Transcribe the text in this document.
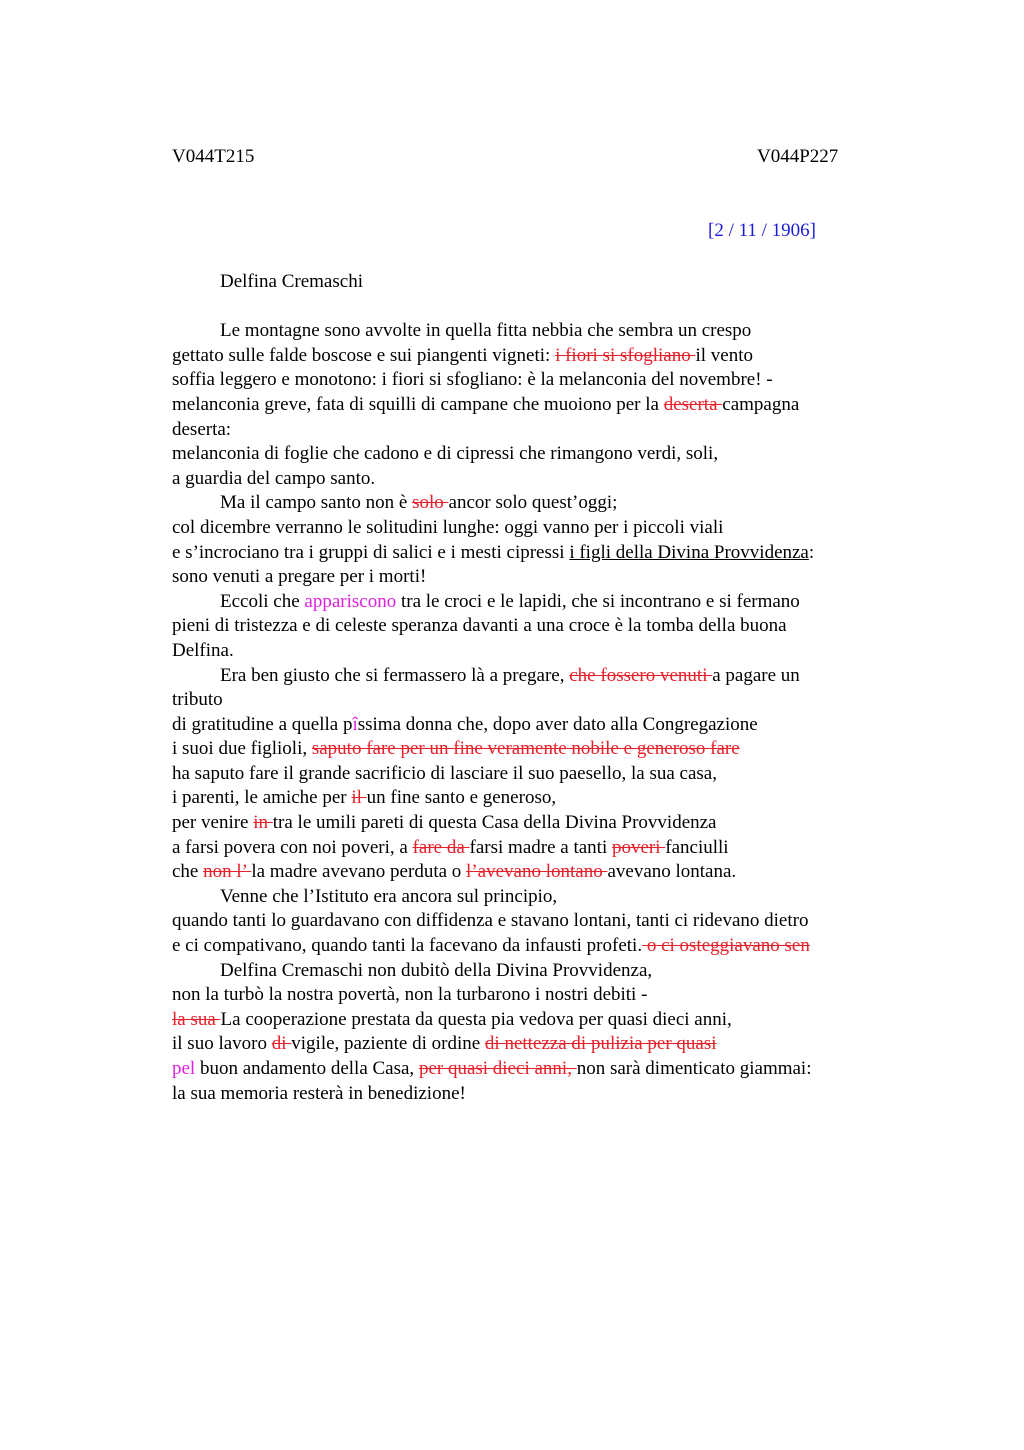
V044T215	V044P227
[2 / 11 / 1906]
Delfina Cremaschi
Le montagne sono avvolte in quella fitta nebbia che sembra un crespo
gettato sulle falde boscose e sui piangenti vigneti: i fiori si sfogliano il vento
soffia leggero e monotono: i fiori si sfogliano: è la melanconia del novembre! -
melanconia greve, fata di squilli di campane che muoiono per la deserta campagna
deserta:
melanconia di foglie che cadono e di cipressi che rimangono verdi, soli,
a guardia del campo santo.
Ma il campo santo non è solo ancor solo quest’oggi;
col dicembre verranno le solitudini lunghe: oggi vanno per i piccoli viali
e s’incrociano tra i gruppi di salici e i mesti cipressi i figli della Divina Provvidenza:
sono venuti a pregare per i morti!
Eccoli che appariscono tra le croci e le lapidi, che si incontrano e si fermano
pieni di tristezza e di celeste speranza davanti a una croce è la tomba della buona
Delfina.
Era ben giusto che si fermassero là a pregare, che fossero venuti a pagare un
tributo
di gratitudine a quella pîssima donna che, dopo aver dato alla Congregazione
i suoi due figlioli, saputo fare per un fine veramente nobile e generoso fare
ha saputo fare il grande sacrificio di lasciare il suo paesello, la sua casa,
i parenti, le amiche per il un fine santo e generoso,
per venire in tra le umili pareti di questa Casa della Divina Provvidenza
a farsi povera con noi poveri, a fare da farsi madre a tanti poveri fanciulli
che non l’ la madre avevano perduta o l’avevano lontano avevano lontana.
Venne che l’Istituto era ancora sul principio,
quando tanti lo guardavano con diffidenza e stavano lontani, tanti ci ridevano dietro
e ci compativano, quando tanti la facevano da infausti profeti. o ci osteggiavano sen
Delfina Cremaschi non dubitò della Divina Provvidenza,
non la turbò la nostra povertà, non la turbarono i nostri debiti -
la sua La cooperazione prestata da questa pia vedova per quasi dieci anni,
il suo lavoro di vigile, paziente di ordine di nettezza di pulizia per quasi
pel buon andamento della Casa, per quasi dieci anni, non sarà dimenticato giammai:
la sua memoria resterà in benedizione!
